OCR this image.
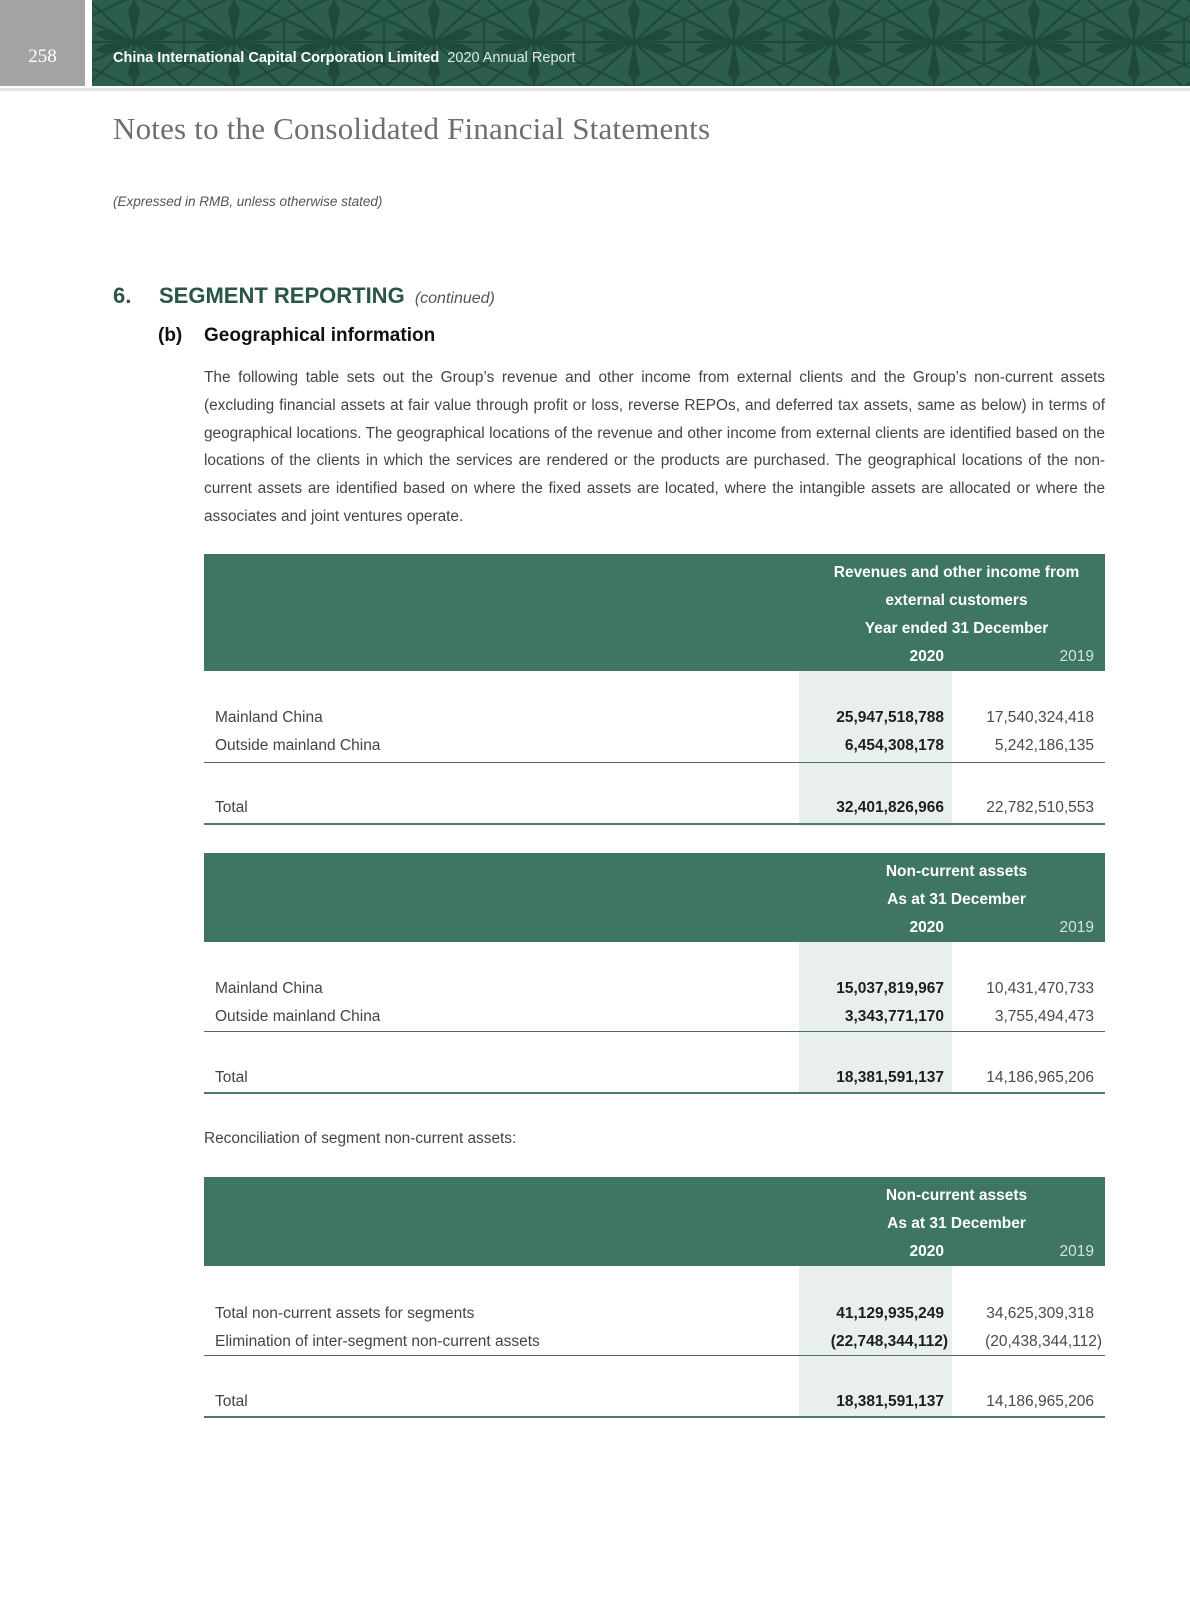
258	China International Capital Corporation Limited 2020 Annual Report
Notes to the Consolidated Financial Statements
(Expressed in RMB, unless otherwise stated)
6. SEGMENT REPORTING (continued)
(b) Geographical information
The following table sets out the Group’s revenue and other income from external clients and the Group’s non-current assets (excluding financial assets at fair value through profit or loss, reverse REPOs, and deferred tax assets, same as below) in terms of geographical locations. The geographical locations of the revenue and other income from external clients are identified based on the locations of the clients in which the services are rendered or the products are purchased. The geographical locations of the non-current assets are identified based on where the fixed assets are located, where the intangible assets are allocated or where the associates and joint ventures operate.
Revenues and other income from
external customers
Year ended 31 December
2020	2019
Mainland China	25,947,518,788	17,540,324,418
Outside mainland China	6,454,308,178	5,242,186,135
Total	32,401,826,966	22,782,510,553
Non-current assets
As at 31 December
2020	2019
Mainland China	15,037,819,967	10,431,470,733
Outside mainland China	3,343,771,170	3,755,494,473
Total	18,381,591,137	14,186,965,206
Reconciliation of segment non-current assets:
Non-current assets
As at 31 December
2020	2019
Total non-current assets for segments	41,129,935,249	34,625,309,318
Elimination of inter-segment non-current assets	(22,748,344,112)	(20,438,344,112)
Total	18,381,591,137	14,186,965,206
